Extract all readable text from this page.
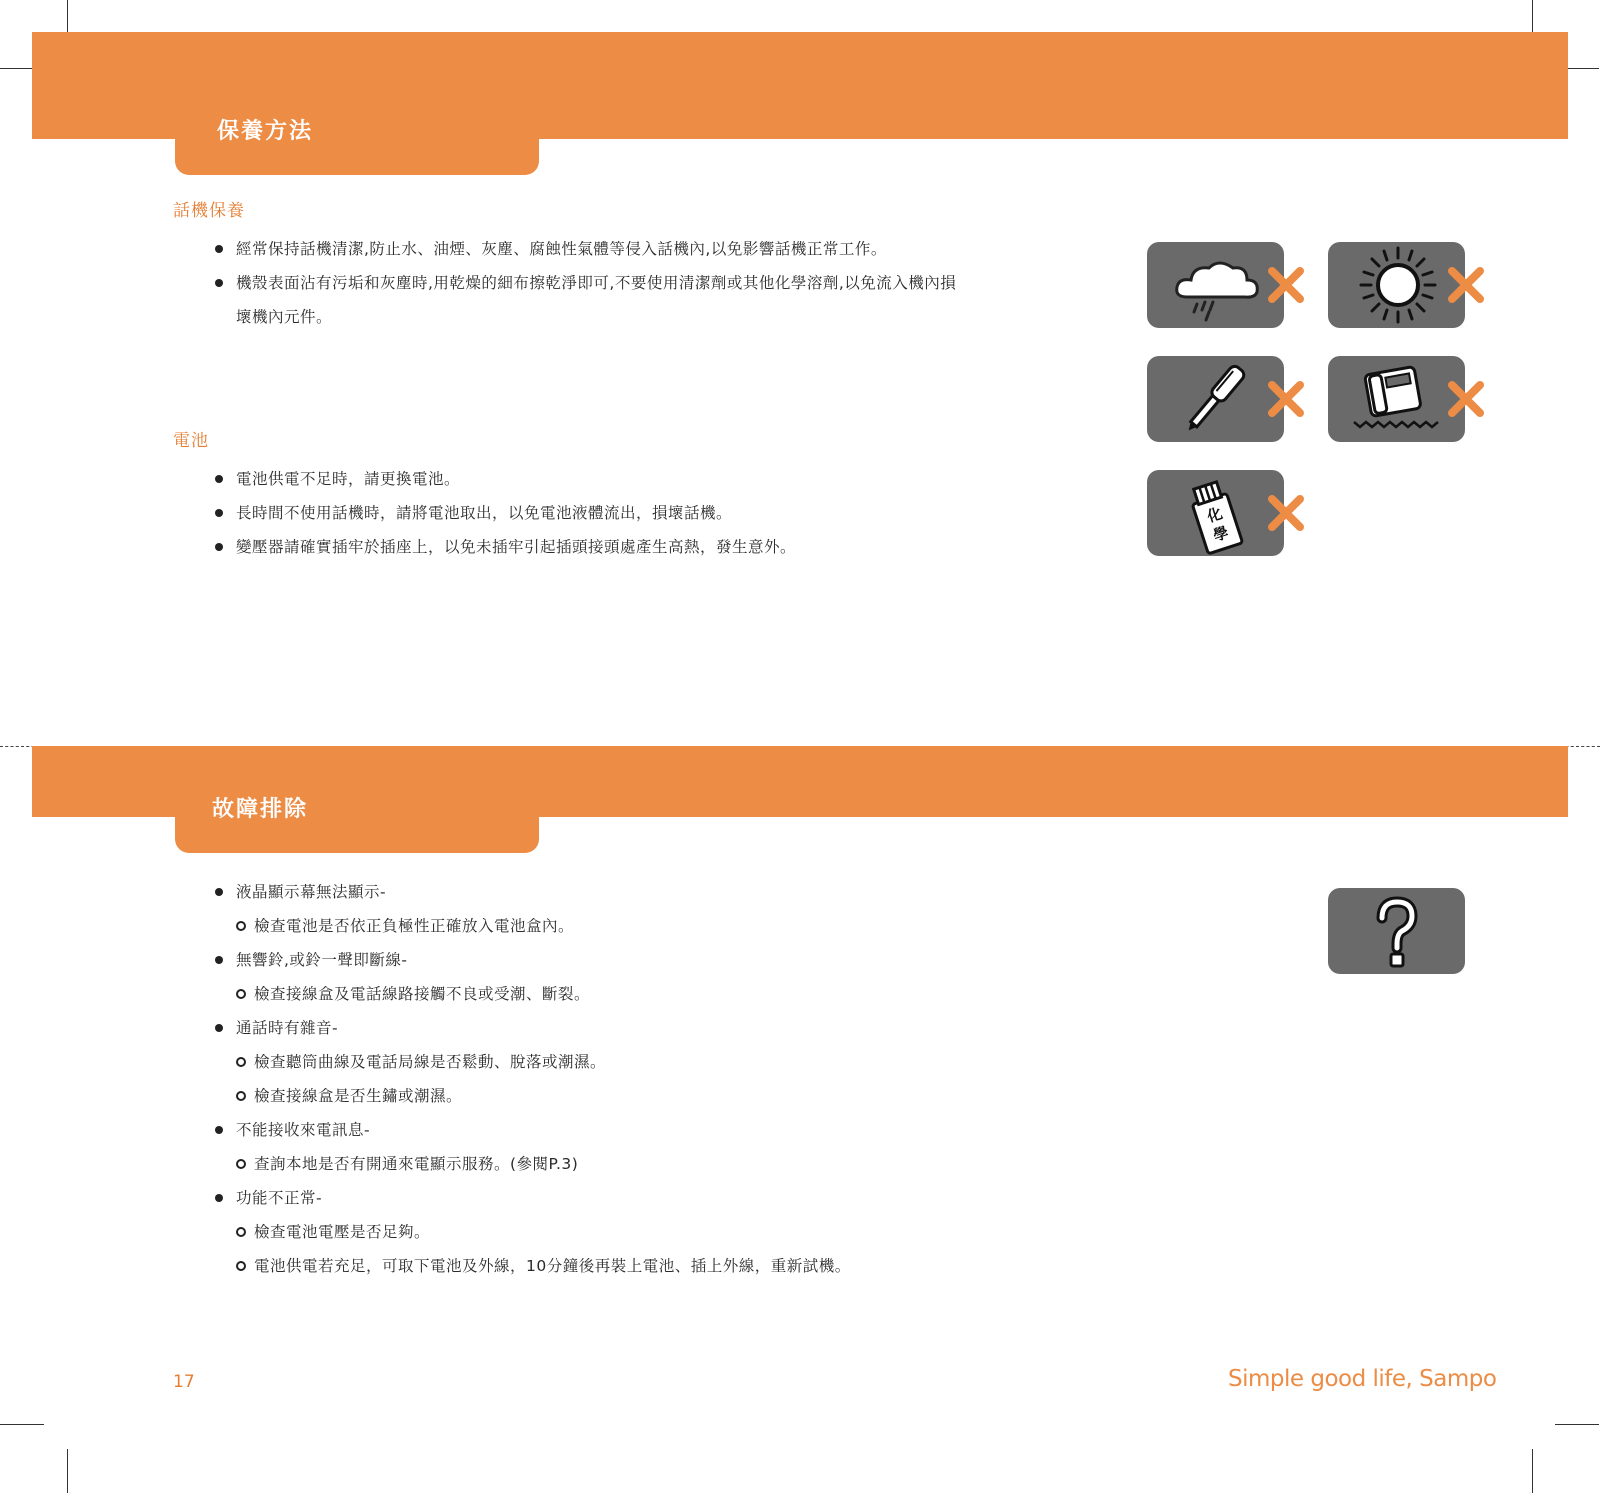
保養方法
話機保養
經常保持話機清潔,防止水、油煙、灰塵、腐蝕性氣體等侵入話機內,以免影響話機正常工作。
機殼表面沾有污垢和灰塵時,用乾燥的細布擦乾淨即可,不要使用清潔劑或其他化學溶劑,以免流入機內損
壞機內元件。
電池
電池供電不足時，請更換電池。
長時間不使用話機時，請將電池取出，以免電池液體流出，損壞話機。
變壓器請確實插牢於插座上，以免未插牢引起插頭接頭處產生高熱，發生意外。
化
學
故障排除
液晶顯示幕無法顯示-
檢查電池是否依正負極性正確放入電池盒內。
無響鈴,或鈴一聲即斷線-
檢查接線盒及電話線路接觸不良或受潮、斷裂。
通話時有雜音-
檢查聽筒曲線及電話局線是否鬆動、脫落或潮濕。
檢查接線盒是否生鏽或潮濕。
不能接收來電訊息-
查詢本地是否有開通來電顯示服務。(參閱P.3)
功能不正常-
檢查電池電壓是否足夠。
電池供電若充足，可取下電池及外線，10分鐘後再裝上電池、插上外線，重新試機。
17	Simple good life, Sampo
